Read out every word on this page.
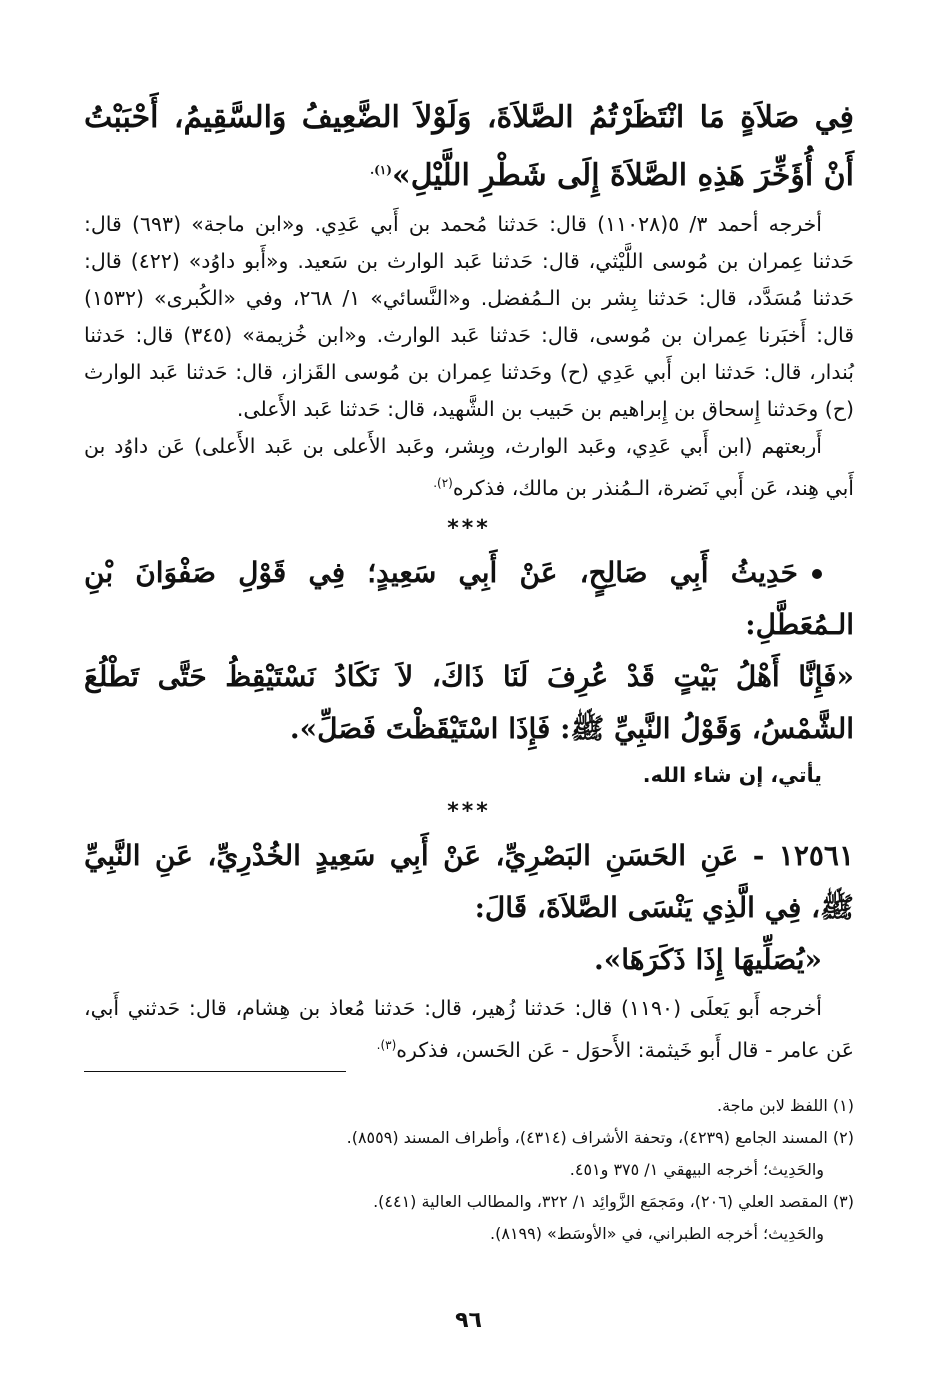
فِي صَلاَةٍ مَا انْتَظَرْتُمُ الصَّلاَةَ، وَلَوْلاَ الضَّعِيفُ وَالسَّقِيمُ، أَحْبَبْتُ أَنْ أُؤَخِّرَ هَذِهِ الصَّلاَةَ إِلَى شَطْرِ اللَّيْلِ»$^{(١).}$

أخرجه أحمد ٣/ ٥(١١٠٢٨) قال: حَدثنا مُحمد بن أَبي عَدِي. و«ابن ماجة» (٦٩٣) قال: حَدثنا عِمران بن مُوسى اللَّيْثي، قال: حَدثنا عَبد الوارث بن سَعيد. و«أَبو داوُد» (٤٢٢) قال: حَدثنا مُسَدَّد، قال: حَدثنا بِشر بن الـمُفضل. و«النَّسائي» ١/ ٢٦٨، وفي «الكُبرى» (١٥٣٢) قال: أَخبَرنا عِمران بن مُوسى، قال: حَدثنا عَبد الوارث. و«ابن خُزيمة» (٣٤٥) قال: حَدثنا بُندار، قال: حَدثنا ابن أَبي عَدِي (ح) وحَدثنا عِمران بن مُوسى القَزاز، قال: حَدثنا عَبد الوارث (ح) وحَدثنا إِسحاق بن إِبراهيم بن حَبيب بن الشَّهيد، قال: حَدثنا عَبد الأَعلى.

أَربعتهم (ابن أَبي عَدِي، وعَبد الوارث، وبِشر، وعَبد الأَعلى بن عَبد الأَعلى) عَن داوُد بن أَبي هِند، عَن أَبي نَضرة، الـمُنذر بن مالك، فذكره$^{(٢).}$

***

حَدِيثُ أَبِي صَالِحٍ، عَنْ أَبِي سَعِيدٍ؛ فِي قَوْلِ صَفْوَانَ بْنِ الـمُعَطَّلِ:

«فَإِنَّا أَهْلُ بَيْتٍ قَدْ عُرِفَ لَنَا ذَاكَ، لاَ نَكَادُ نَسْتَيْقِظُ حَتَّى تَطْلُعَ الشَّمْسُ، وَقَوْلُ النَّبِيِّ ﷺ: فَإِذَا اسْتَيْقَظْتَ فَصَلِّ».

يأتي، إن شاء الله.

***

١٢٥٦١ - عَنِ الحَسَنِ البَصْرِيِّ، عَنْ أَبِي سَعِيدٍ الخُدْرِيِّ، عَنِ النَّبِيِّ ﷺ، فِي الَّذِي يَنْسَى الصَّلاَةَ، قَالَ:

«يُصَلِّيهَا إِذَا ذَكَرَهَا».

أخرجه أَبو يَعلَى (١١٩٠) قال: حَدثنا زُهير، قال: حَدثنا مُعاذ بن هِشام، قال: حَدثني أَبي، عَن عامر - قال أَبو خَيثمة: الأَحوَل - عَن الحَسن، فذكره$^{(٣).}$

(١) اللفظ لابن ماجة.

(٢) المسند الجامع (٤٢٣٩)، وتحفة الأشراف (٤٣١٤)، وأطراف المسند (٨٥٥٩).

والحَدِيث؛ أخرجه البيهقي ١/ ٣٧٥ و٤٥١.

(٣) المقصد العلي (٢٠٦)، ومَجمَع الزَّوائِد ١/ ٣٢٢، والمطالب العالية (٤٤١).

والحَدِيث؛ أخرجه الطبراني، في «الأوسَط» (٨١٩٩).

٩٦
